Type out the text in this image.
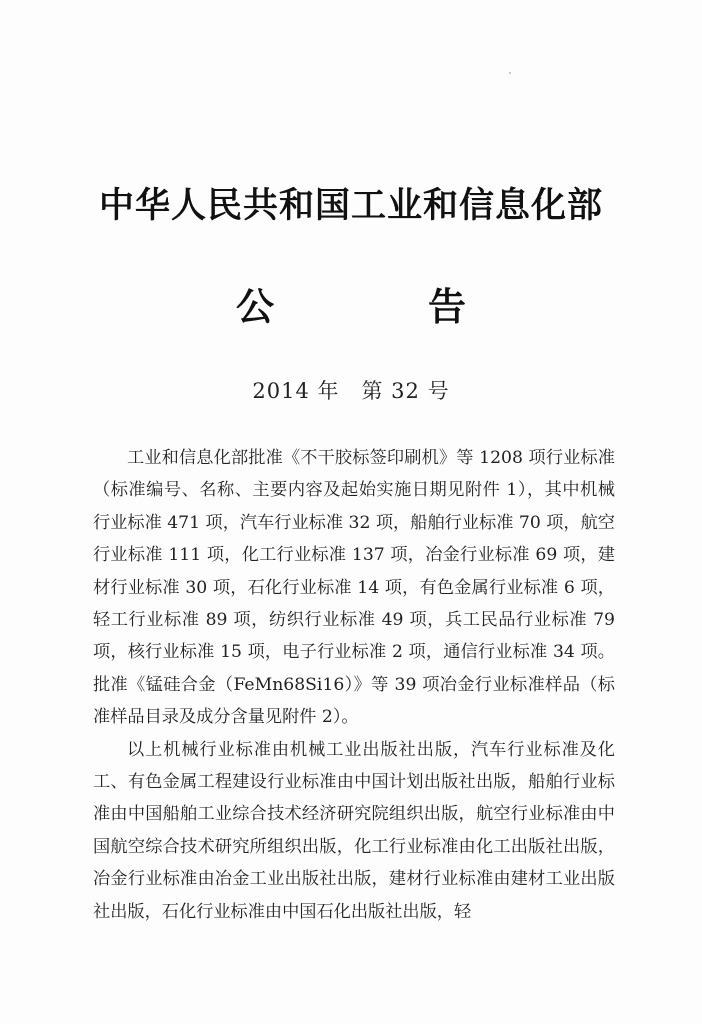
中华人民共和国工业和信息化部
公　告
2014 年　第 32 号

工业和信息化部批准《不干胶标签印刷机》等 1208 项行业标准（标准编号、名称、主要内容及起始实施日期见附件 1），其中机械行业标准 471 项，汽车行业标准 32 项，船舶行业标准 70 项，航空行业标准 111 项，化工行业标准 137 项，冶金行业标准 69 项，建材行业标准 30 项，石化行业标准 14 项，有色金属行业标准 6 项，轻工行业标准 89 项，纺织行业标准 49 项，兵工民品行业标准 79 项，核行业标准 15 项，电子行业标准 2 项，通信行业标准 34 项。批准《锰硅合金（FeMn68Si16）》等 39 项冶金行业标准样品（标准样品目录及成分含量见附件 2）。

以上机械行业标准由机械工业出版社出版，汽车行业标准及化工、有色金属工程建设行业标准由中国计划出版社出版，船舶行业标准由中国船舶工业综合技术经济研究院组织出版，航空行业标准由中国航空综合技术研究所组织出版，化工行业标准由化工出版社出版，冶金行业标准由冶金工业出版社出版，建材行业标准由建材工业出版社出版，石化行业标准由中国石化出版社出版，轻
